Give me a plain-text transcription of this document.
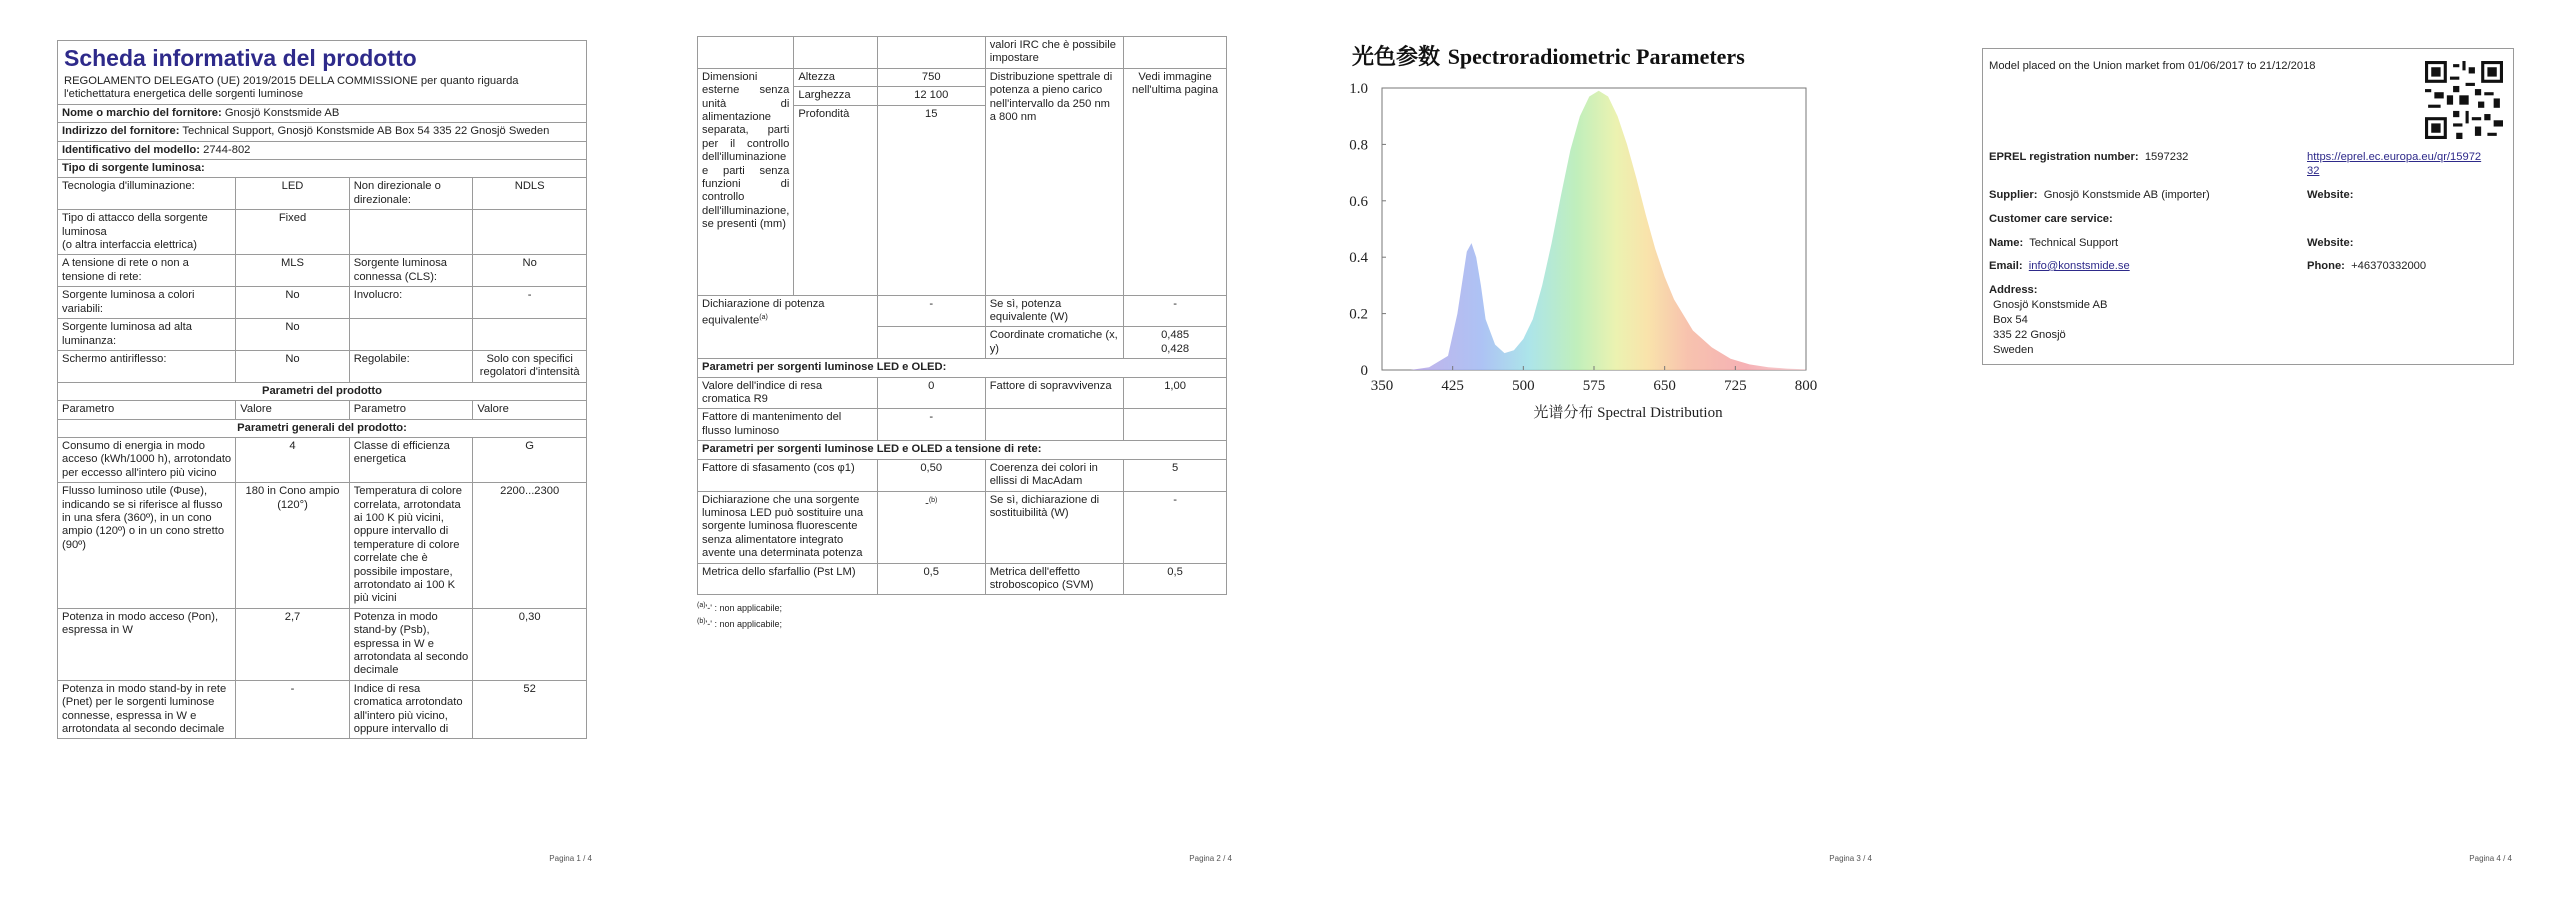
Scheda informativa del prodotto
REGOLAMENTO DELEGATO (UE) 2019/2015 DELLA COMMISSIONE per quanto riguarda l'etichettatura energetica delle sorgenti luminose
Nome o marchio del fornitore: Gnosjö Konstsmide AB			
Indirizzo del fornitore: Technical Support, Gnosjö Konstsmide AB Box 54 335 22 Gnosjö Sweden			
Identificativo del modello: 2744-802			
Tipo di sorgente luminosa:			
Tecnologia d'illuminazione:	LED	Non direzionale o direzionale:	NDLS
Tipo di attacco della sorgente luminosa
(o altra interfaccia elettrica)	Fixed		
A tensione di rete o non a tensione di rete:	MLS	Sorgente luminosa connessa (CLS):	No
Sorgente luminosa a colori variabili:	No	Involucro:	-
Sorgente luminosa ad alta luminanza:	No		
Schermo antiriflesso:	No	Regolabile:	Solo con specifici regolatori d'intensità
Parametri del prodotto			
Parametro	Valore	Parametro	Valore
Parametri generali del prodotto:			
Consumo di energia in modo acceso (kWh/1000 h), arrotondato per eccesso all'intero più vicino	4	Classe di efficienza energetica	G
Flusso luminoso utile (Φuse), indicando se si riferisce al flusso in una sfera (360º), in un cono ampio (120º) o in un cono stretto (90º)	180 in Cono ampio (120°)	Temperatura di colore correlata, arrotondata ai 100 K più vicini, oppure intervallo di temperature di colore correlate che è possibile impostare, arrotondato ai 100 K più vicini	2200...2300
Potenza in modo acceso (Pon), espressa in W	2,7	Potenza in modo stand-by (Psb), espressa in W e arrotondata al secondo decimale	0,30
Potenza in modo stand-by in rete (Pnet) per le sorgenti luminose connesse, espressa in W e arrotondata al secondo decimale	-	Indice di resa cromatica arrotondato all'intero più vicino, oppure intervallo di	52
Pagina 1 / 4
			valori IRC che è possibile impostare	
Dimensioni esterne senza unità di alimentazione separata, parti per il controllo dell'illuminazione e parti senza funzioni di controllo dell'illuminazione, se presenti (mm)	Altezza	750	Distribuzione spettrale di potenza a pieno carico nell'intervallo da 250 nm a 800 nm	Vedi immagine nell'ultima pagina
	Larghezza	12 100		
	Profondità	15		
Dichiarazione di potenza equivalente$^{(a)}$		-	Se sì, potenza equivalente (W)	-
			Coordinate cromatiche (x, y)	0,485
0,428

Parametri per sorgenti luminose LED e OLED:				
Valore dell'indice di resa cromatica R9		0	Fattore di sopravvivenza	1,00
Fattore di mantenimento del flusso luminoso		-		
Parametri per sorgenti luminose LED e OLED a tensione di rete:				
Fattore di sfasamento (cos φ1)		0,50	Coerenza dei colori in ellissi di MacAdam	5
Dichiarazione che una sorgente luminosa LED può sostituire una sorgente luminosa fluorescente senza alimentatore integrato avente una determinata potenza		-$^{(b)}$	Se sì, dichiarazione di sostituibilità (W)	-
Metrica dello sfarfallio (Pst LM)		0,5	Metrica dell'effetto stroboscopico (SVM)	0,5
$^{(a)}$'-' : non applicabile;
$^{(b)}$'-' : non applicabile;
Pagina 2 / 4
光色参数 Spectroradiometric Parameters
350	425	500	575	650	725	800
0
0.2
0.4
0.6
0.8
1.0
光谱分布 Spectral Distribution
Pagina 3 / 4
Model placed on the Union market from 01/06/2017 to 21/12/2018
EPREL registration number: 1597232	https://eprel.ec.europa.eu/qr/1597232
Supplier: Gnosjö Konstsmide AB (importer)	Website:
Customer care service:
Name: Technical Support	Website:
Email: info@konstsmide.se	Phone: +46370332000
Address:
Gnosjö Konstsmide AB
Box 54
335 22 Gnosjö
Sweden
Pagina 4 / 4
